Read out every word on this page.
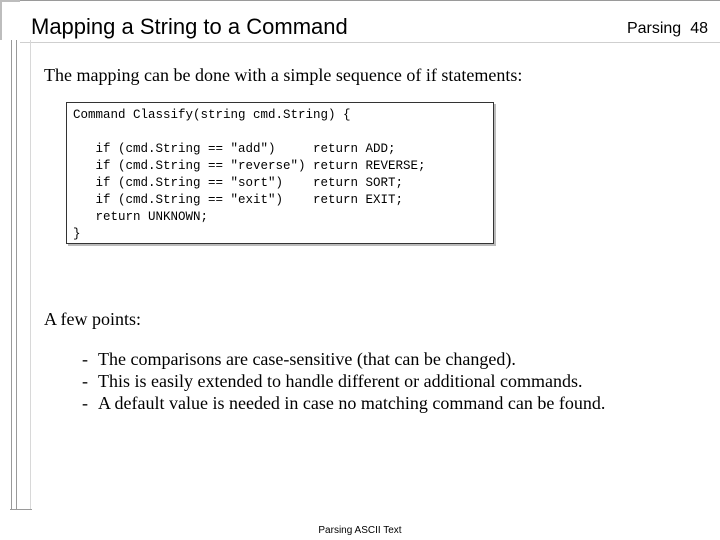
Mapping a String to a Command	Parsing 48
The mapping can be done with a simple sequence of if statements:
Command Classify(string cmd.String) {
if (cmd.String == "add")     return ADD;
if (cmd.String == "reverse") return REVERSE;
if (cmd.String == "sort")    return SORT;
if (cmd.String == "exit")    return EXIT;
return UNKNOWN;
}
A few points:
- The comparisons are case-sensitive (that can be changed).
- This is easily extended to handle different or additional commands.
- A default value is needed in case no matching command can be found.
Parsing ASCII Text
